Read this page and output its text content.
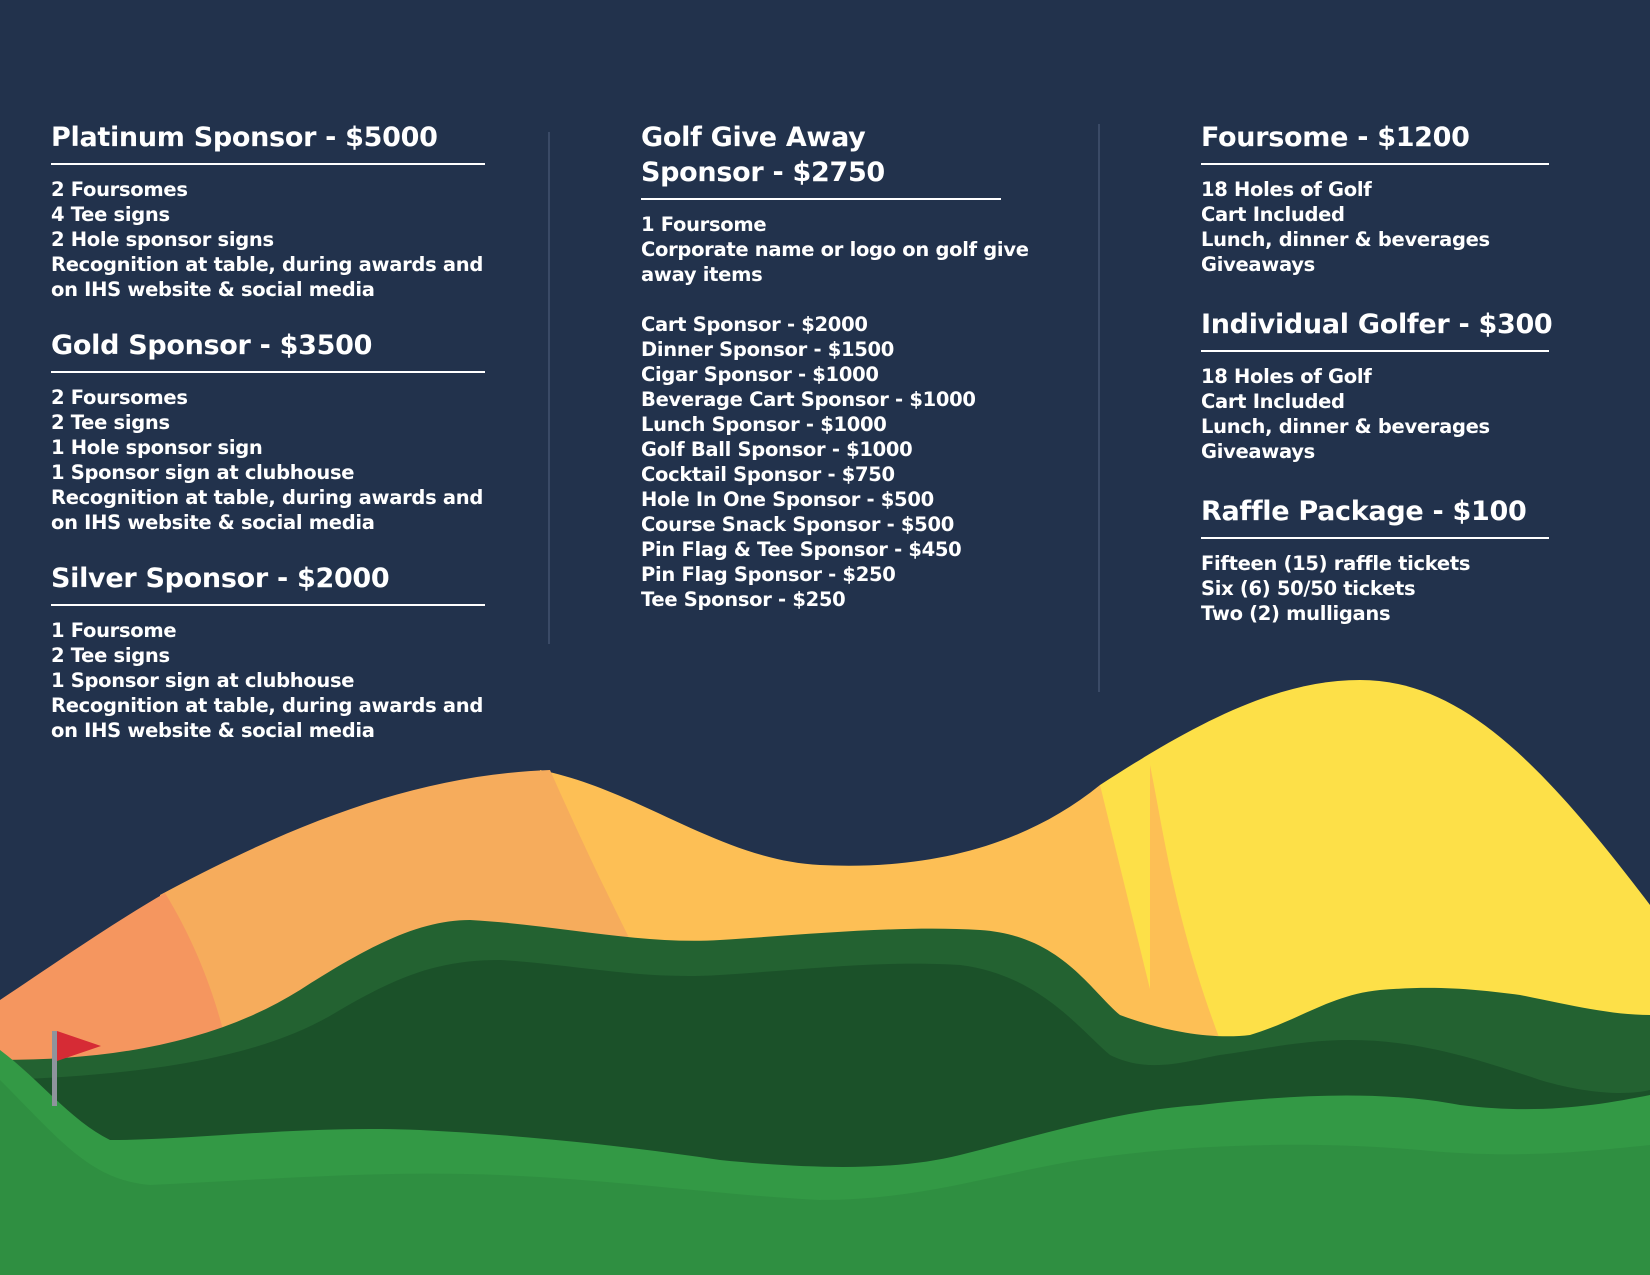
Platinum Sponsor - $5000
2 Foursomes
4 Tee signs
2 Hole sponsor signs
Recognition at table, during awards and
on IHS website & social media
Gold Sponsor - $3500
2 Foursomes
2 Tee signs
1 Hole sponsor sign
1 Sponsor sign at clubhouse
Recognition at table, during awards and
on IHS website & social media
Silver Sponsor - $2000
1 Foursome
2 Tee signs
1 Sponsor sign at clubhouse
Recognition at table, during awards and
on IHS website & social media
Golf Give Away
Sponsor - $2750
1 Foursome
Corporate name or logo on golf give
away items
Cart Sponsor - $2000
Dinner Sponsor - $1500
Cigar Sponsor - $1000
Beverage Cart Sponsor - $1000
Lunch Sponsor - $1000
Golf Ball Sponsor - $1000
Cocktail Sponsor - $750
Hole In One Sponsor - $500
Course Snack Sponsor - $500
Pin Flag & Tee Sponsor - $450
Pin Flag Sponsor - $250
Tee Sponsor - $250
Foursome - $1200
18 Holes of Golf
Cart Included
Lunch, dinner & beverages
Giveaways
Individual Golfer - $300
18 Holes of Golf
Cart Included
Lunch, dinner & beverages
Giveaways
Raffle Package - $100
Fifteen (15) raffle tickets
Six (6) 50/50 tickets
Two (2) mulligans
